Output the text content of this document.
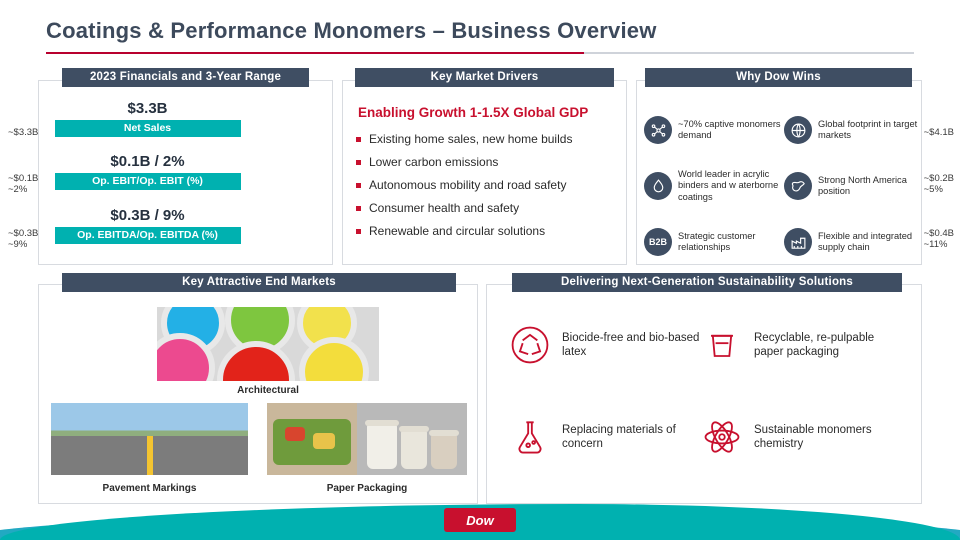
Coatings & Performance Monomers – Business Overview
2023 Financials and 3-Year Range
$3.3B
Net Sales
~$3.3B	~$4.1B
$0.1B / 2%
Op. EBIT/Op. EBIT (%)
~$0.1B
~2%
~$0.2B
~5%
$0.3B / 9%
Op. EBITDA/Op. EBITDA (%)
~$0.3B
~9%
~$0.4B
~11%
Key Market Drivers
Enabling Growth 1-1.5X Global GDP
Existing home sales, new home builds
Lower carbon emissions
Autonomous mobility and road safety
Consumer health and safety
Renewable and circular solutions
Why Dow Wins
~70% captive monomers demand
Global footprint in target markets
World leader in acrylic binders and w aterborne coatings
Strong North America position
B2B
Strategic customer relationships
Flexible and integrated supply chain
Key Attractive End Markets
Architectural
Pavement Markings	Paper Packaging
Delivering Next-Generation Sustainability Solutions
Biocide-free and bio-based latex
Recyclable, re-pulpable paper packaging
Replacing materials of concern
Sustainable monomers chemistry
Dow
